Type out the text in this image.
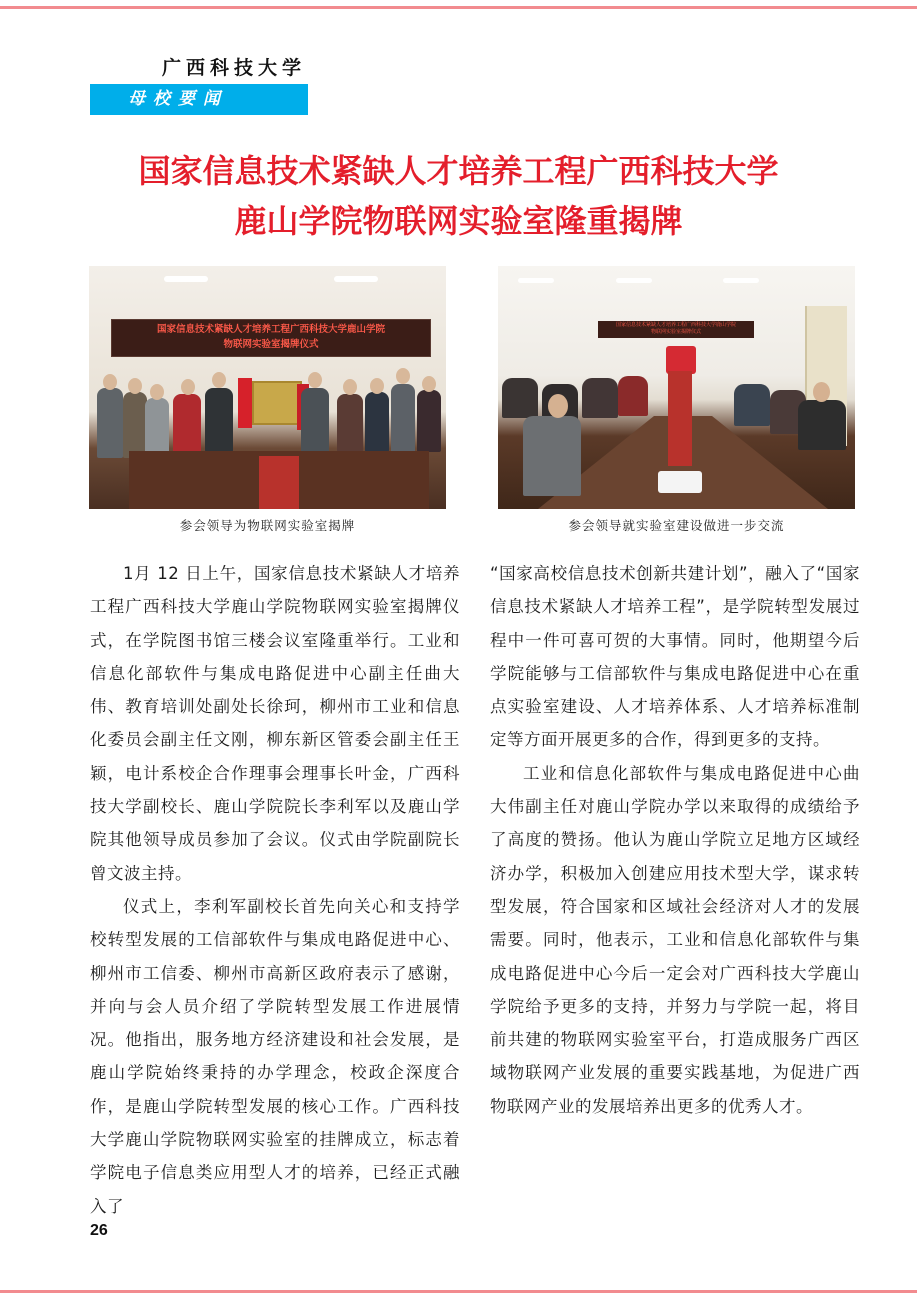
广西科技大学
母校要闻
国家信息技术紧缺人才培养工程广西科技大学
鹿山学院物联网实验室隆重揭牌
国家信息技术紧缺人才培养工程广西科技大学鹿山学院
物联网实验室揭牌仪式
参会领导为物联网实验室揭牌
国家信息技术紧缺人才培养工程广西科技大学鹿山学院
物联网实验室揭牌仪式
参会领导就实验室建设做进一步交流

1月 12 日上午，国家信息技术紧缺人才培养工程广西科技大学鹿山学院物联网实验室揭牌仪式，在学院图书馆三楼会议室隆重举行。工业和信息化部软件与集成电路促进中心副主任曲大伟、教育培训处副处长徐珂，柳州市工业和信息化委员会副主任文刚，柳东新区管委会副主任王颖，电计系校企合作理事会理事长叶金，广西科技大学副校长、鹿山学院院长李利军以及鹿山学院其他领导成员参加了会议。仪式由学院副院长曾文波主持。

仪式上，李利军副校长首先向关心和支持学校转型发展的工信部软件与集成电路促进中心、柳州市工信委、柳州市高新区政府表示了感谢，并向与会人员介绍了学院转型发展工作进展情况。他指出，服务地方经济建设和社会发展，是鹿山学院始终秉持的办学理念，校政企深度合作，是鹿山学院转型发展的核心工作。广西科技大学鹿山学院物联网实验室的挂牌成立，标志着学院电子信息类应用型人才的培养，已经正式融入了

“国家高校信息技术创新共建计划”，融入了“国家信息技术紧缺人才培养工程”，是学院转型发展过程中一件可喜可贺的大事情。同时，他期望今后学院能够与工信部软件与集成电路促进中心在重点实验室建设、人才培养体系、人才培养标准制定等方面开展更多的合作，得到更多的支持。

工业和信息化部软件与集成电路促进中心曲大伟副主任对鹿山学院办学以来取得的成绩给予了高度的赞扬。他认为鹿山学院立足地方区域经济办学，积极加入创建应用技术型大学，谋求转型发展，符合国家和区域社会经济对人才的发展需要。同时，他表示，工业和信息化部软件与集成电路促进中心今后一定会对广西科技大学鹿山学院给予更多的支持，并努力与学院一起，将目前共建的物联网实验室平台，打造成服务广西区域物联网产业发展的重要实践基地，为促进广西物联网产业的发展培养出更多的优秀人才。

26
